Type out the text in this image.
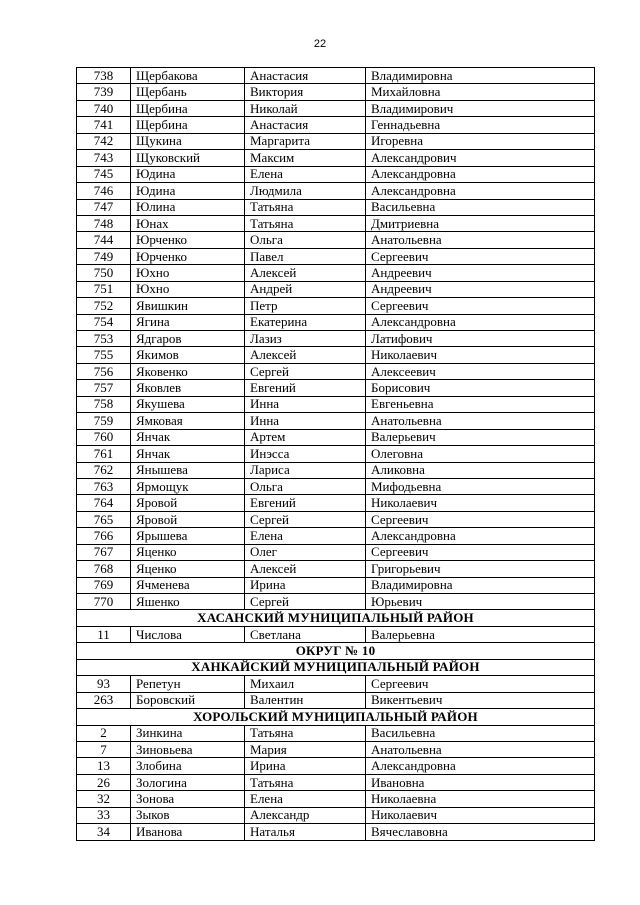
22
738	Щербакова	Анастасия	Владимировна
739	Щербань	Виктория	Михайловна
740	Щербина	Николай	Владимирович
741	Щербина	Анастасия	Геннадьевна
742	Щукина	Маргарита	Игоревна
743	Щуковский	Максим	Александрович
745	Юдина	Елена	Александровна
746	Юдина	Людмила	Александровна
747	Юлина	Татьяна	Васильевна
748	Юнах	Татьяна	Дмитриевна
744	Юрченко	Ольга	Анатольевна
749	Юрченко	Павел	Сергеевич
750	Юхно	Алексей	Андреевич
751	Юхно	Андрей	Андреевич
752	Явишкин	Петр	Сергеевич
754	Ягина	Екатерина	Александровна
753	Ядгаров	Лазиз	Латифович
755	Якимов	Алексей	Николаевич
756	Яковенко	Сергей	Алексеевич
757	Яковлев	Евгений	Борисович
758	Якушева	Инна	Евгеньевна
759	Ямковая	Инна	Анатольевна
760	Янчак	Артем	Валерьевич
761	Янчак	Инэсса	Олеговна
762	Янышева	Лариса	Аликовна
763	Ярмощук	Ольга	Мифодьевна
764	Яровой	Евгений	Николаевич
765	Яровой	Сергей	Сергеевич
766	Ярышева	Елена	Александровна
767	Яценко	Олег	Сергеевич
768	Яценко	Алексей	Григорьевич
769	Ячменева	Ирина	Владимировна
770	Яшенко	Сергей	Юрьевич
ХАСАНСКИЙ МУНИЦИПАЛЬНЫЙ РАЙОН			
11	Числова	Светлана	Валерьевна
ОКРУГ № 10			
ХАНКАЙСКИЙ МУНИЦИПАЛЬНЫЙ РАЙОН			
93	Репетун	Михаил	Сергеевич
263	Боровский	Валентин	Викентьевич
ХОРОЛЬСКИЙ МУНИЦИПАЛЬНЫЙ РАЙОН			
2	Зинкина	Татьяна	Васильевна
7	Зиновьева	Мария	Анатольевна
13	Злобина	Ирина	Александровна
26	Зологина	Татьяна	Ивановна
32	Зонова	Елена	Николаевна
33	Зыков	Александр	Николаевич
34	Иванова	Наталья	Вячеславовна
